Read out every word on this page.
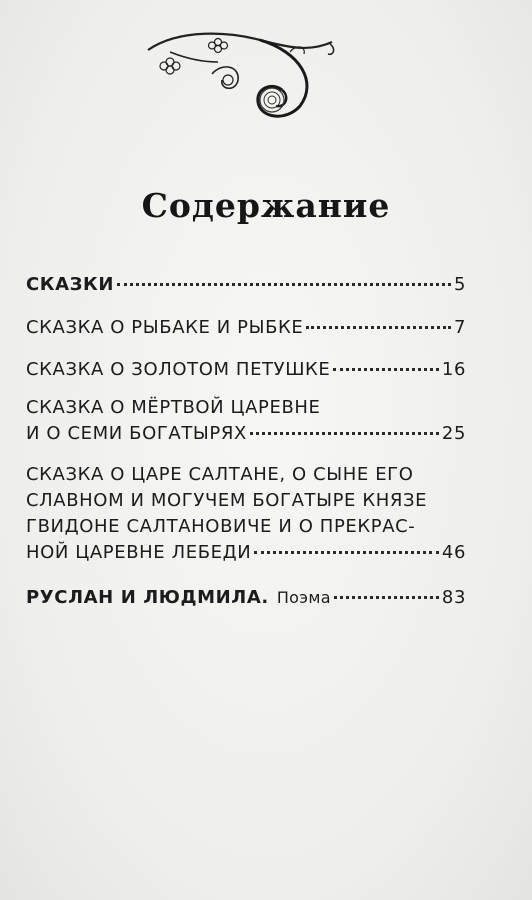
Содержание
СКАЗКИ	5
СКАЗКА О РЫБАКЕ И РЫБКЕ	7
СКАЗКА О ЗОЛОТОМ ПЕТУШКЕ	16
СКАЗКА О МЁРТВОЙ ЦАРЕВНЕ
И О СЕМИ БОГАТЫРЯХ	25
СКАЗКА О ЦАРЕ САЛТАНЕ, О СЫНЕ ЕГО
СЛАВНОМ И МОГУЧЕМ БОГАТЫРЕ КНЯЗЕ
ГВИДОНЕ САЛТАНОВИЧЕ И О ПРЕКРАС-
НОЙ ЦАРЕВНЕ ЛЕБЕДИ	46
РУСЛАН И ЛЮДМИЛА. Поэма	83
